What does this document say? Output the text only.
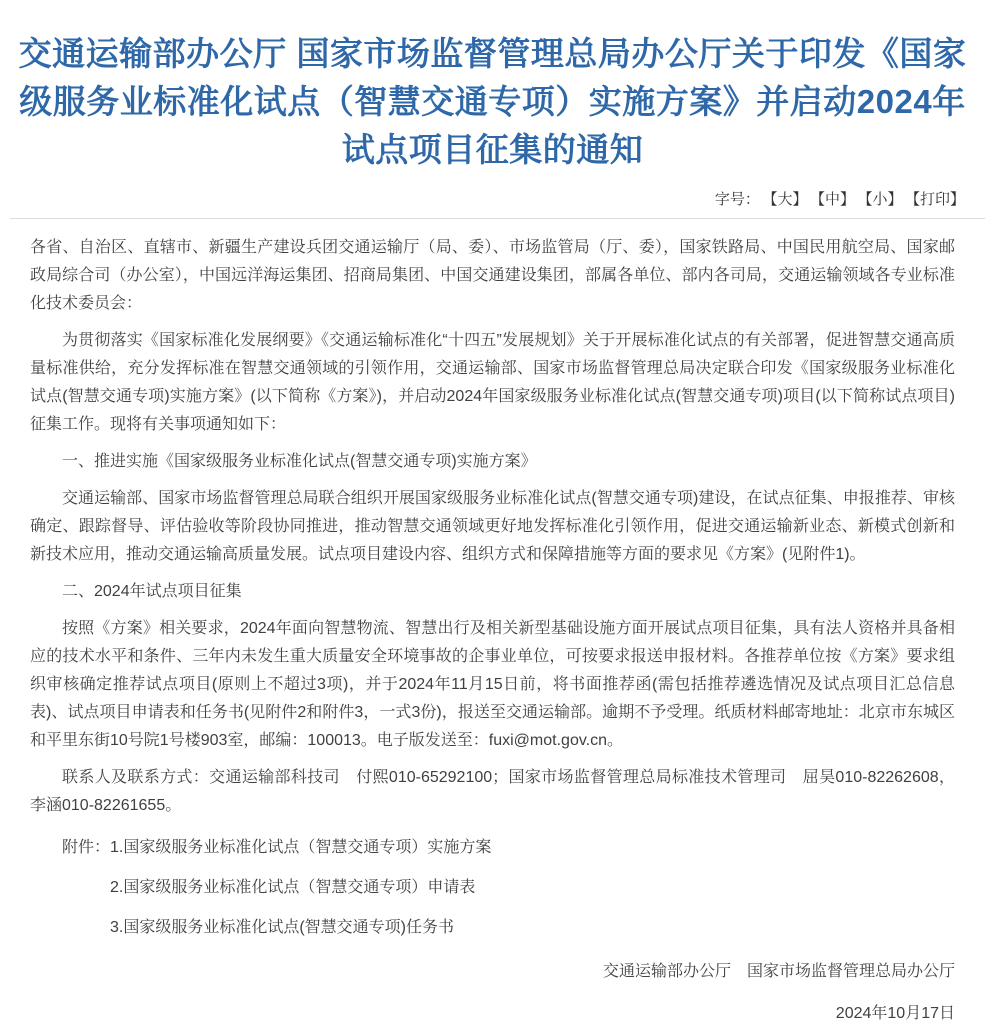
交通运输部办公厅 国家市场监督管理总局办公厅关于印发《国家级服务业标准化试点（智慧交通专项）实施方案》并启动2024年试点项目征集的通知
字号： 【大】 【中】 【小】 【打印】

各省、自治区、直辖市、新疆生产建设兵团交通运输厅（局、委）、市场监管局（厅、委），国家铁路局、中国民用航空局、国家邮政局综合司（办公室），中国远洋海运集团、招商局集团、中国交通建设集团，部属各单位、部内各司局，交通运输领域各专业标准化技术委员会：

为贯彻落实《国家标准化发展纲要》《交通运输标准化“十四五”发展规划》关于开展标准化试点的有关部署，促进智慧交通高质量标准供给，充分发挥标准在智慧交通领域的引领作用，交通运输部、国家市场监督管理总局决定联合印发《国家级服务业标准化试点(智慧交通专项)实施方案》(以下简称《方案》)，并启动2024年国家级服务业标准化试点(智慧交通专项)项目(以下简称试点项目)征集工作。现将有关事项通知如下：

一、推进实施《国家级服务业标准化试点(智慧交通专项)实施方案》

交通运输部、国家市场监督管理总局联合组织开展国家级服务业标准化试点(智慧交通专项)建设，在试点征集、申报推荐、审核确定、跟踪督导、评估验收等阶段协同推进，推动智慧交通领域更好地发挥标准化引领作用，促进交通运输新业态、新模式创新和新技术应用，推动交通运输高质量发展。试点项目建设内容、组织方式和保障措施等方面的要求见《方案》(见附件1)。

二、2024年试点项目征集

按照《方案》相关要求，2024年面向智慧物流、智慧出行及相关新型基础设施方面开展试点项目征集，具有法人资格并具备相应的技术水平和条件、三年内未发生重大质量安全环境事故的企事业单位，可按要求报送申报材料。各推荐单位按《方案》要求组织审核确定推荐试点项目(原则上不超过3项)，并于2024年11月15日前，将书面推荐函(需包括推荐遴选情况及试点项目汇总信息表)、试点项目申请表和任务书(见附件2和附件3，一式3份)，报送至交通运输部。逾期不予受理。纸质材料邮寄地址：北京市东城区和平里东街10号院1号楼903室，邮编：100013。电子版发送至：fuxi@mot.gov.cn。

联系人及联系方式：交通运输部科技司　付熙010-65292100；国家市场监督管理总局标准技术管理司　屈昊010-82262608，李涵010-82261655。

附件：1.国家级服务业标准化试点（智慧交通专项）实施方案

2.国家级服务业标准化试点（智慧交通专项）申请表

3.国家级服务业标准化试点(智慧交通专项)任务书

交通运输部办公厅　国家市场监督管理总局办公厅

2024年10月17日
